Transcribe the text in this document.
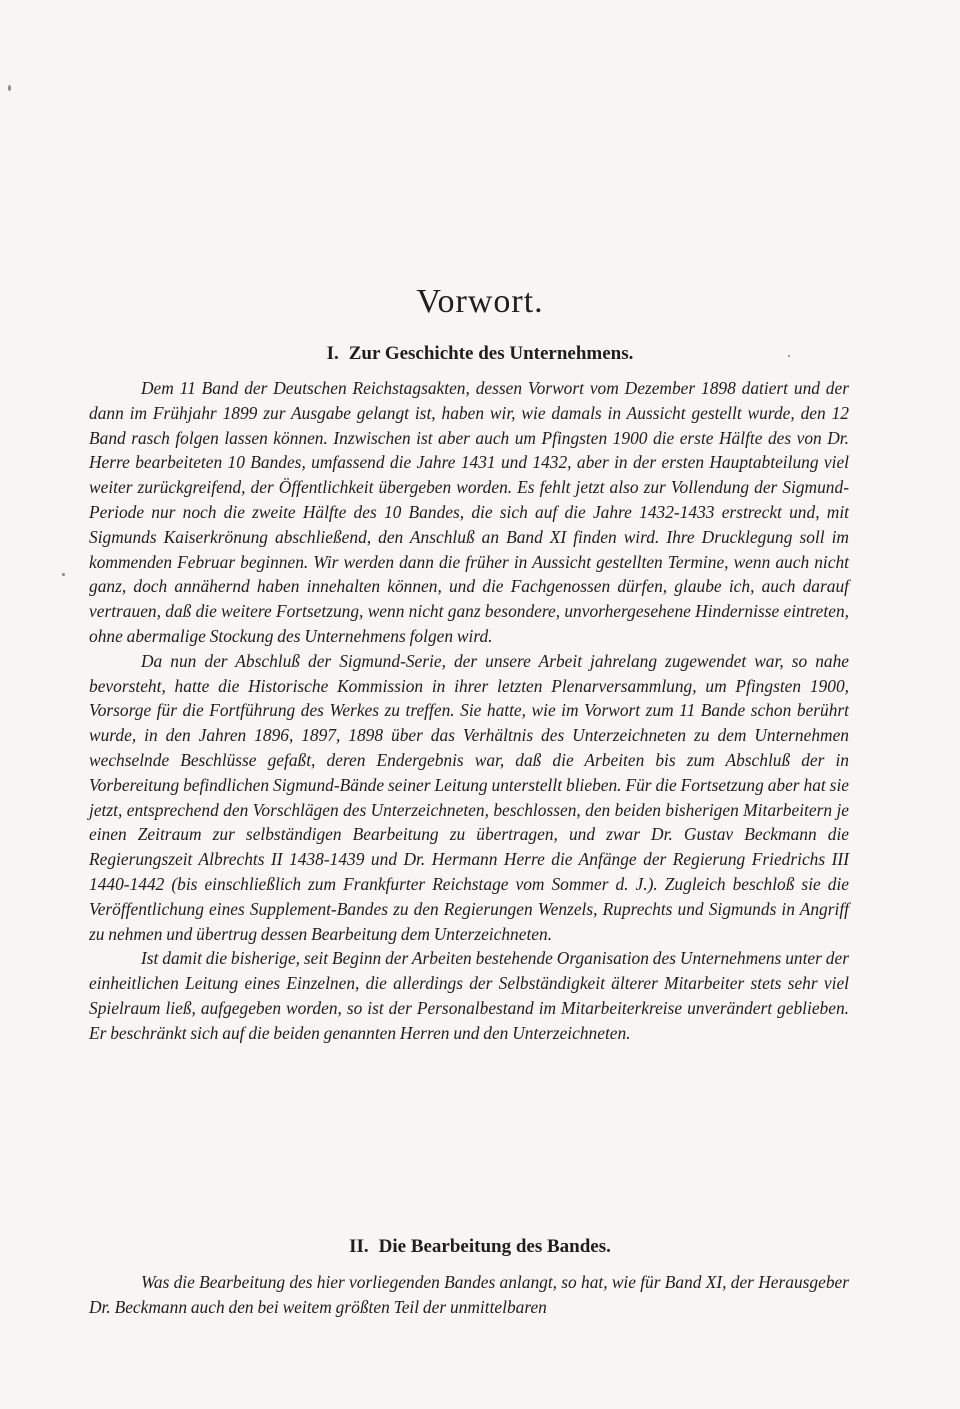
Vorwort.
I. Zur Geschichte des Unternehmens.

Dem 11 Band der Deutschen Reichstagsakten, dessen Vorwort vom Dezember 1898 datiert und der dann im Frühjahr 1899 zur Ausgabe gelangt ist, haben wir, wie damals in Aussicht gestellt wurde, den 12 Band rasch folgen lassen können. Inzwischen ist aber auch um Pfingsten 1900 die erste Hälfte des von Dr. Herre bearbeiteten 10 Bandes, umfassend die Jahre 1431 und 1432, aber in der ersten Hauptabteilung viel weiter zurückgreifend, der Öffentlichkeit übergeben worden. Es fehlt jetzt also zur Vollendung der Sigmund-Periode nur noch die zweite Hälfte des 10 Bandes, die sich auf die Jahre 1432-1433 erstreckt und, mit Sigmunds Kaiserkrönung abschließend, den Anschluß an Band XI finden wird. Ihre Drucklegung soll im kommenden Februar beginnen. Wir werden dann die früher in Aussicht gestellten Termine, wenn auch nicht ganz, doch annähernd haben innehalten können, und die Fachgenossen dürfen, glaube ich, auch darauf vertrauen, daß die weitere Fortsetzung, wenn nicht ganz besondere, unvorhergesehene Hindernisse eintreten, ohne abermalige Stockung des Unternehmens folgen wird.

Da nun der Abschluß der Sigmund-Serie, der unsere Arbeit jahrelang zugewendet war, so nahe bevorsteht, hatte die Historische Kommission in ihrer letzten Plenarversammlung, um Pfingsten 1900, Vorsorge für die Fortführung des Werkes zu treffen. Sie hatte, wie im Vorwort zum 11 Bande schon berührt wurde, in den Jahren 1896, 1897, 1898 über das Verhältnis des Unterzeichneten zu dem Unternehmen wechselnde Beschlüsse gefaßt, deren Endergebnis war, daß die Arbeiten bis zum Abschluß der in Vorbereitung befindlichen Sigmund-Bände seiner Leitung unterstellt blieben. Für die Fortsetzung aber hat sie jetzt, entsprechend den Vorschlägen des Unterzeichneten, beschlossen, den beiden bisherigen Mitarbeitern je einen Zeitraum zur selbständigen Bearbeitung zu übertragen, und zwar Dr. Gustav Beckmann die Regierungszeit Albrechts II 1438-1439 und Dr. Hermann Herre die Anfänge der Regierung Friedrichs III 1440-1442 (bis einschließlich zum Frankfurter Reichstage vom Sommer d. J.). Zugleich beschloß sie die Veröffentlichung eines Supplement-Bandes zu den Regierungen Wenzels, Ruprechts und Sigmunds in Angriff zu nehmen und übertrug dessen Bearbeitung dem Unterzeichneten.

Ist damit die bisherige, seit Beginn der Arbeiten bestehende Organisation des Unternehmens unter der einheitlichen Leitung eines Einzelnen, die allerdings der Selbständigkeit älterer Mitarbeiter stets sehr viel Spielraum ließ, aufgegeben worden, so ist der Personalbestand im Mitarbeiterkreise unverändert geblieben. Er beschränkt sich auf die beiden genannten Herren und den Unterzeichneten.

II. Die Bearbeitung des Bandes.

Was die Bearbeitung des hier vorliegenden Bandes anlangt, so hat, wie für Band XI, der Herausgeber Dr. Beckmann auch den bei weitem größten Teil der unmittelbaren
